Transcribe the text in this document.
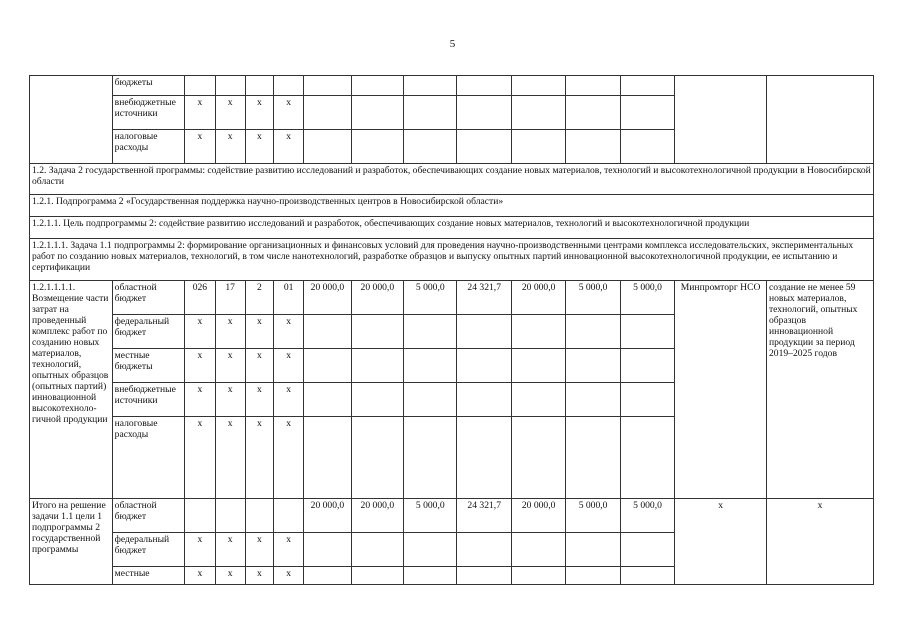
5
	бюджеты													
	внебюджетные источники	x	x	x	x									
	налоговые расходы	x	x	x	x									
1.2. Задача 2 государственной программы: содействие развитию исследований и разработок, обеспечивающих создание новых материалов, технологий и высокотехнологичной продукции в Новосибирской области														
1.2.1. Подпрограмма 2 «Государственная поддержка научно-производственных центров в Новосибирской области»														
1.2.1.1. Цель подпрограммы 2: содействие развитию исследований и разработок, обеспечивающих создание новых материалов, технологий и высокотехнологичной продукции														
1.2.1.1.1. Задача 1.1 подпрограммы 2: формирование организационных и финансовых условий для проведения научно-производственными центрами комплекса исследовательских, экспериментальных работ по созданию новых материалов, технологий, в том числе нанотехнологий, разработке образцов и выпуску опытных партий инновационной высокотехнологичной продукции, ее испытанию и сертификации														
1.2.1.1.1.1. Возмещение части затрат на проведенный комплекс работ по созданию новых материалов, технологий, опытных образцов (опытных партий) инновационной высокотехноло-гичной продукции	областной бюджет	026	17	2	01	20 000,0	20 000,0	5 000,0	24 321,7	20 000,0	5 000,0	5 000,0	Минпромторг НСО	создание не менее 59 новых материалов, технологий, опытных образцов инновационной продукции за период 2019–2025 годов
	федеральный бюджет	x	x	x	x									
	местные бюджеты	x	x	x	x									
	внебюджетные источники	x	x	x	x									
	налоговые расходы	x	x	x	x									
Итого на решение задачи 1.1 цели 1 подпрограммы 2 государственной программы	областной бюджет					20 000,0	20 000,0	5 000,0	24 321,7	20 000,0	5 000,0	5 000,0	x	x
	федеральный бюджет	x	x	x	x									
	местные	x	x	x	x									
